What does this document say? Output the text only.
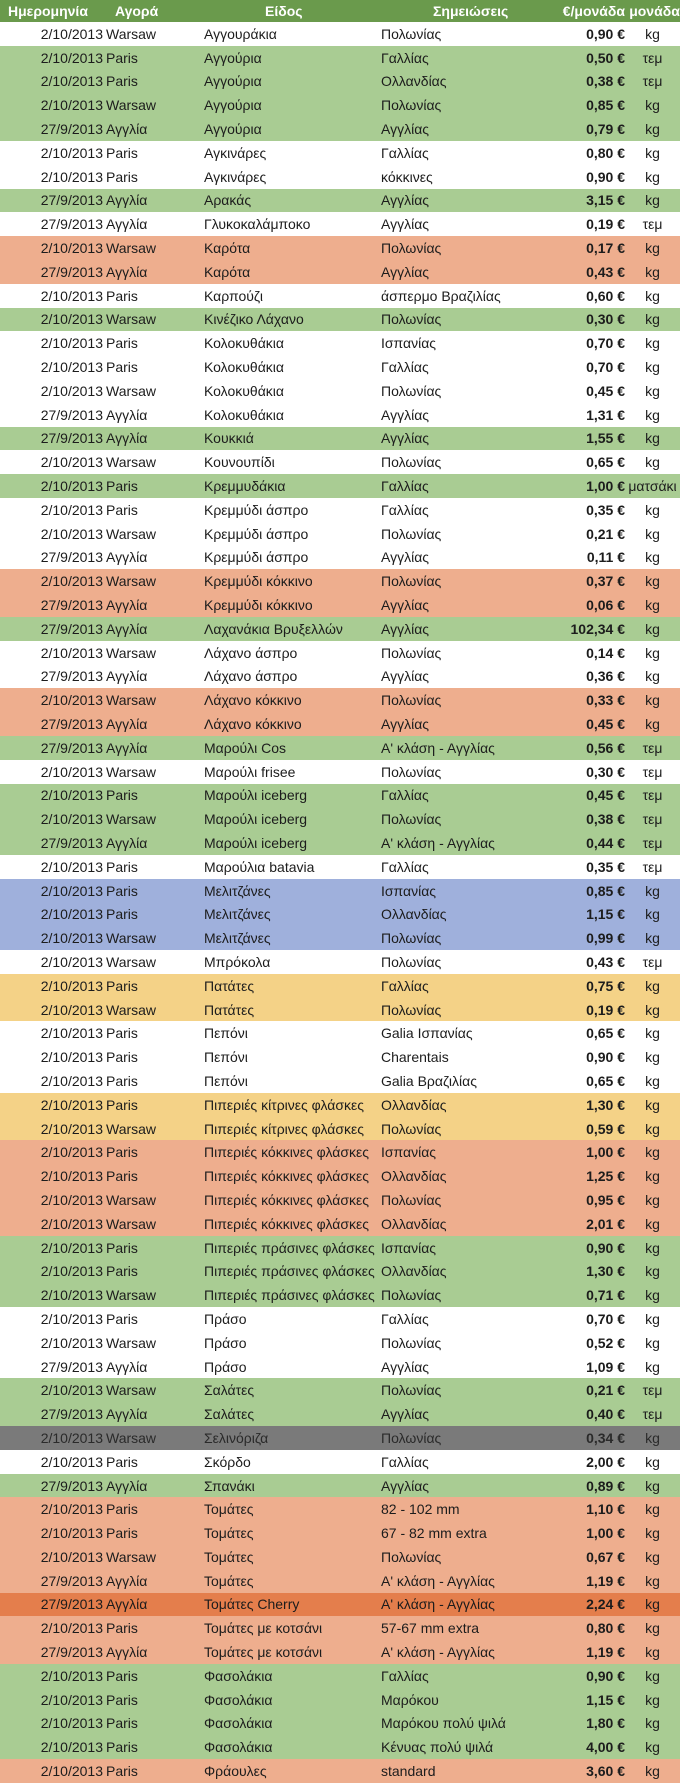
Ημερομηνία	Αγορά	Είδος	Σημειώσεις	€/μονάδα μονάδα
2/10/2013 Warsaw	Αγγουράκια	Πολωνίας	0,90 €	kg
2/10/2013 Paris	Αγγούρια	Γαλλίας	0,50 €	τεμ
2/10/2013 Paris	Αγγούρια	Ολλανδίας	0,38 €	τεμ
2/10/2013 Warsaw	Αγγούρια	Πολωνίας	0,85 €	kg
27/9/2013 Αγγλία	Αγγούρια	Αγγλίας	0,79 €	kg
2/10/2013 Paris	Αγκινάρες	Γαλλίας	0,80 €	kg
2/10/2013 Paris	Αγκινάρες	κόκκινες	0,90 €	kg
27/9/2013 Αγγλία	Αρακάς	Αγγλίας	3,15 €	kg
27/9/2013 Αγγλία	Γλυκοκαλάμποκο	Αγγλίας	0,19 €	τεμ
2/10/2013 Warsaw	Καρότα	Πολωνίας	0,17 €	kg
27/9/2013 Αγγλία	Καρότα	Αγγλίας	0,43 €	kg
2/10/2013 Paris	Καρπούζι	άσπερμο Βραζιλίας	0,60 €	kg
2/10/2013 Warsaw	Κινέζικο Λάχανο	Πολωνίας	0,30 €	kg
2/10/2013 Paris	Κολοκυθάκια	Ισπανίας	0,70 €	kg
2/10/2013 Paris	Κολοκυθάκια	Γαλλίας	0,70 €	kg
2/10/2013 Warsaw	Κολοκυθάκια	Πολωνίας	0,45 €	kg
27/9/2013 Αγγλία	Κολοκυθάκια	Αγγλίας	1,31 €	kg
27/9/2013 Αγγλία	Κουκκιά	Αγγλίας	1,55 €	kg
2/10/2013 Warsaw	Κουνουπίδι	Πολωνίας	0,65 €	kg
2/10/2013 Paris	Κρεμμυδάκια	Γαλλίας	1,00 € ματσάκι
2/10/2013 Paris	Κρεμμύδι άσπρο	Γαλλίας	0,35 €	kg
2/10/2013 Warsaw	Κρεμμύδι άσπρο	Πολωνίας	0,21 €	kg
27/9/2013 Αγγλία	Κρεμμύδι άσπρο	Αγγλίας	0,11 €	kg
2/10/2013 Warsaw	Κρεμμύδι κόκκινο	Πολωνίας	0,37 €	kg
27/9/2013 Αγγλία	Κρεμμύδι κόκκινο	Αγγλίας	0,06 €	kg
27/9/2013 Αγγλία	Λαχανάκια Βρυξελλών	Αγγλίας	102,34 €	kg
2/10/2013 Warsaw	Λάχανο άσπρο	Πολωνίας	0,14 €	kg
27/9/2013 Αγγλία	Λάχανο άσπρο	Αγγλίας	0,36 €	kg
2/10/2013 Warsaw	Λάχανο κόκκινο	Πολωνίας	0,33 €	kg
27/9/2013 Αγγλία	Λάχανο κόκκινο	Αγγλίας	0,45 €	kg
27/9/2013 Αγγλία	Μαρούλι Cos	Α' κλάση - Αγγλίας	0,56 €	τεμ
2/10/2013 Warsaw	Μαρούλι frisee	Πολωνίας	0,30 €	τεμ
2/10/2013 Paris	Μαρούλι iceberg	Γαλλίας	0,45 €	τεμ
2/10/2013 Warsaw	Μαρούλι iceberg	Πολωνίας	0,38 €	τεμ
27/9/2013 Αγγλία	Μαρούλι iceberg	Α' κλάση - Αγγλίας	0,44 €	τεμ
2/10/2013 Paris	Μαρούλια batavia	Γαλλίας	0,35 €	τεμ
2/10/2013 Paris	Μελιτζάνες	Ισπανίας	0,85 €	kg
2/10/2013 Paris	Μελιτζάνες	Ολλανδίας	1,15 €	kg
2/10/2013 Warsaw	Μελιτζάνες	Πολωνίας	0,99 €	kg
2/10/2013 Warsaw	Μπρόκολα	Πολωνίας	0,43 €	τεμ
2/10/2013 Paris	Πατάτες	Γαλλίας	0,75 €	kg
2/10/2013 Warsaw	Πατάτες	Πολωνίας	0,19 €	kg
2/10/2013 Paris	Πεπόνι	Galia Ισπανίας	0,65 €	kg
2/10/2013 Paris	Πεπόνι	Charentais	0,90 €	kg
2/10/2013 Paris	Πεπόνι	Galia Βραζιλίας	0,65 €	kg
2/10/2013 Paris	Πιπεριές κίτρινες φλάσκες	Ολλανδίας	1,30 €	kg
2/10/2013 Warsaw	Πιπεριές κίτρινες φλάσκες	Πολωνίας	0,59 €	kg
2/10/2013 Paris	Πιπεριές κόκκινες φλάσκες Ισπανίας	1,00 €	kg
2/10/2013 Paris	Πιπεριές κόκκινες φλάσκες Ολλανδίας	1,25 €	kg
2/10/2013 Warsaw	Πιπεριές κόκκινες φλάσκες Πολωνίας	0,95 €	kg
2/10/2013 Warsaw	Πιπεριές κόκκινες φλάσκες Ολλανδίας	2,01 €	kg
2/10/2013 Paris	Πιπεριές πράσινες φλάσκες Ισπανίας	0,90 €	kg
2/10/2013 Paris	Πιπεριές πράσινες φλάσκες Ολλανδίας	1,30 €	kg
2/10/2013 Warsaw	Πιπεριές πράσινες φλάσκες Πολωνίας	0,71 €	kg
2/10/2013 Paris	Πράσο	Γαλλίας	0,70 €	kg
2/10/2013 Warsaw	Πράσο	Πολωνίας	0,52 €	kg
27/9/2013 Αγγλία	Πράσο	Αγγλίας	1,09 €	kg
2/10/2013 Warsaw	Σαλάτες	Πολωνίας	0,21 €	τεμ
27/9/2013 Αγγλία	Σαλάτες	Αγγλίας	0,40 €	τεμ
2/10/2013 Warsaw	Σελινόριζα	Πολωνίας	0,34 €	kg
2/10/2013 Paris	Σκόρδο	Γαλλίας	2,00 €	kg
27/9/2013 Αγγλία	Σπανάκι	Αγγλίας	0,89 €	kg
2/10/2013 Paris	Τομάτες	82 - 102 mm	1,10 €	kg
2/10/2013 Paris	Τομάτες	67 - 82 mm extra	1,00 €	kg
2/10/2013 Warsaw	Τομάτες	Πολωνίας	0,67 €	kg
27/9/2013 Αγγλία	Τομάτες	Α' κλάση - Αγγλίας	1,19 €	kg
27/9/2013 Αγγλία	Τομάτες Cherry	Α' κλάση - Αγγλίας	2,24 €	kg
2/10/2013 Paris	Τομάτες με κοτσάνι	57-67 mm extra	0,80 €	kg
27/9/2013 Αγγλία	Τομάτες με κοτσάνι	Α' κλάση - Αγγλίας	1,19 €	kg
2/10/2013 Paris	Φασολάκια	Γαλλίας	0,90 €	kg
2/10/2013 Paris	Φασολάκια	Μαρόκου	1,15 €	kg
2/10/2013 Paris	Φασολάκια	Μαρόκου πολύ ψιλά	1,80 €	kg
2/10/2013 Paris	Φασολάκια	Κένυας πολύ ψιλά	4,00 €	kg
2/10/2013 Paris	Φράουλες	standard	3,60 €	kg
